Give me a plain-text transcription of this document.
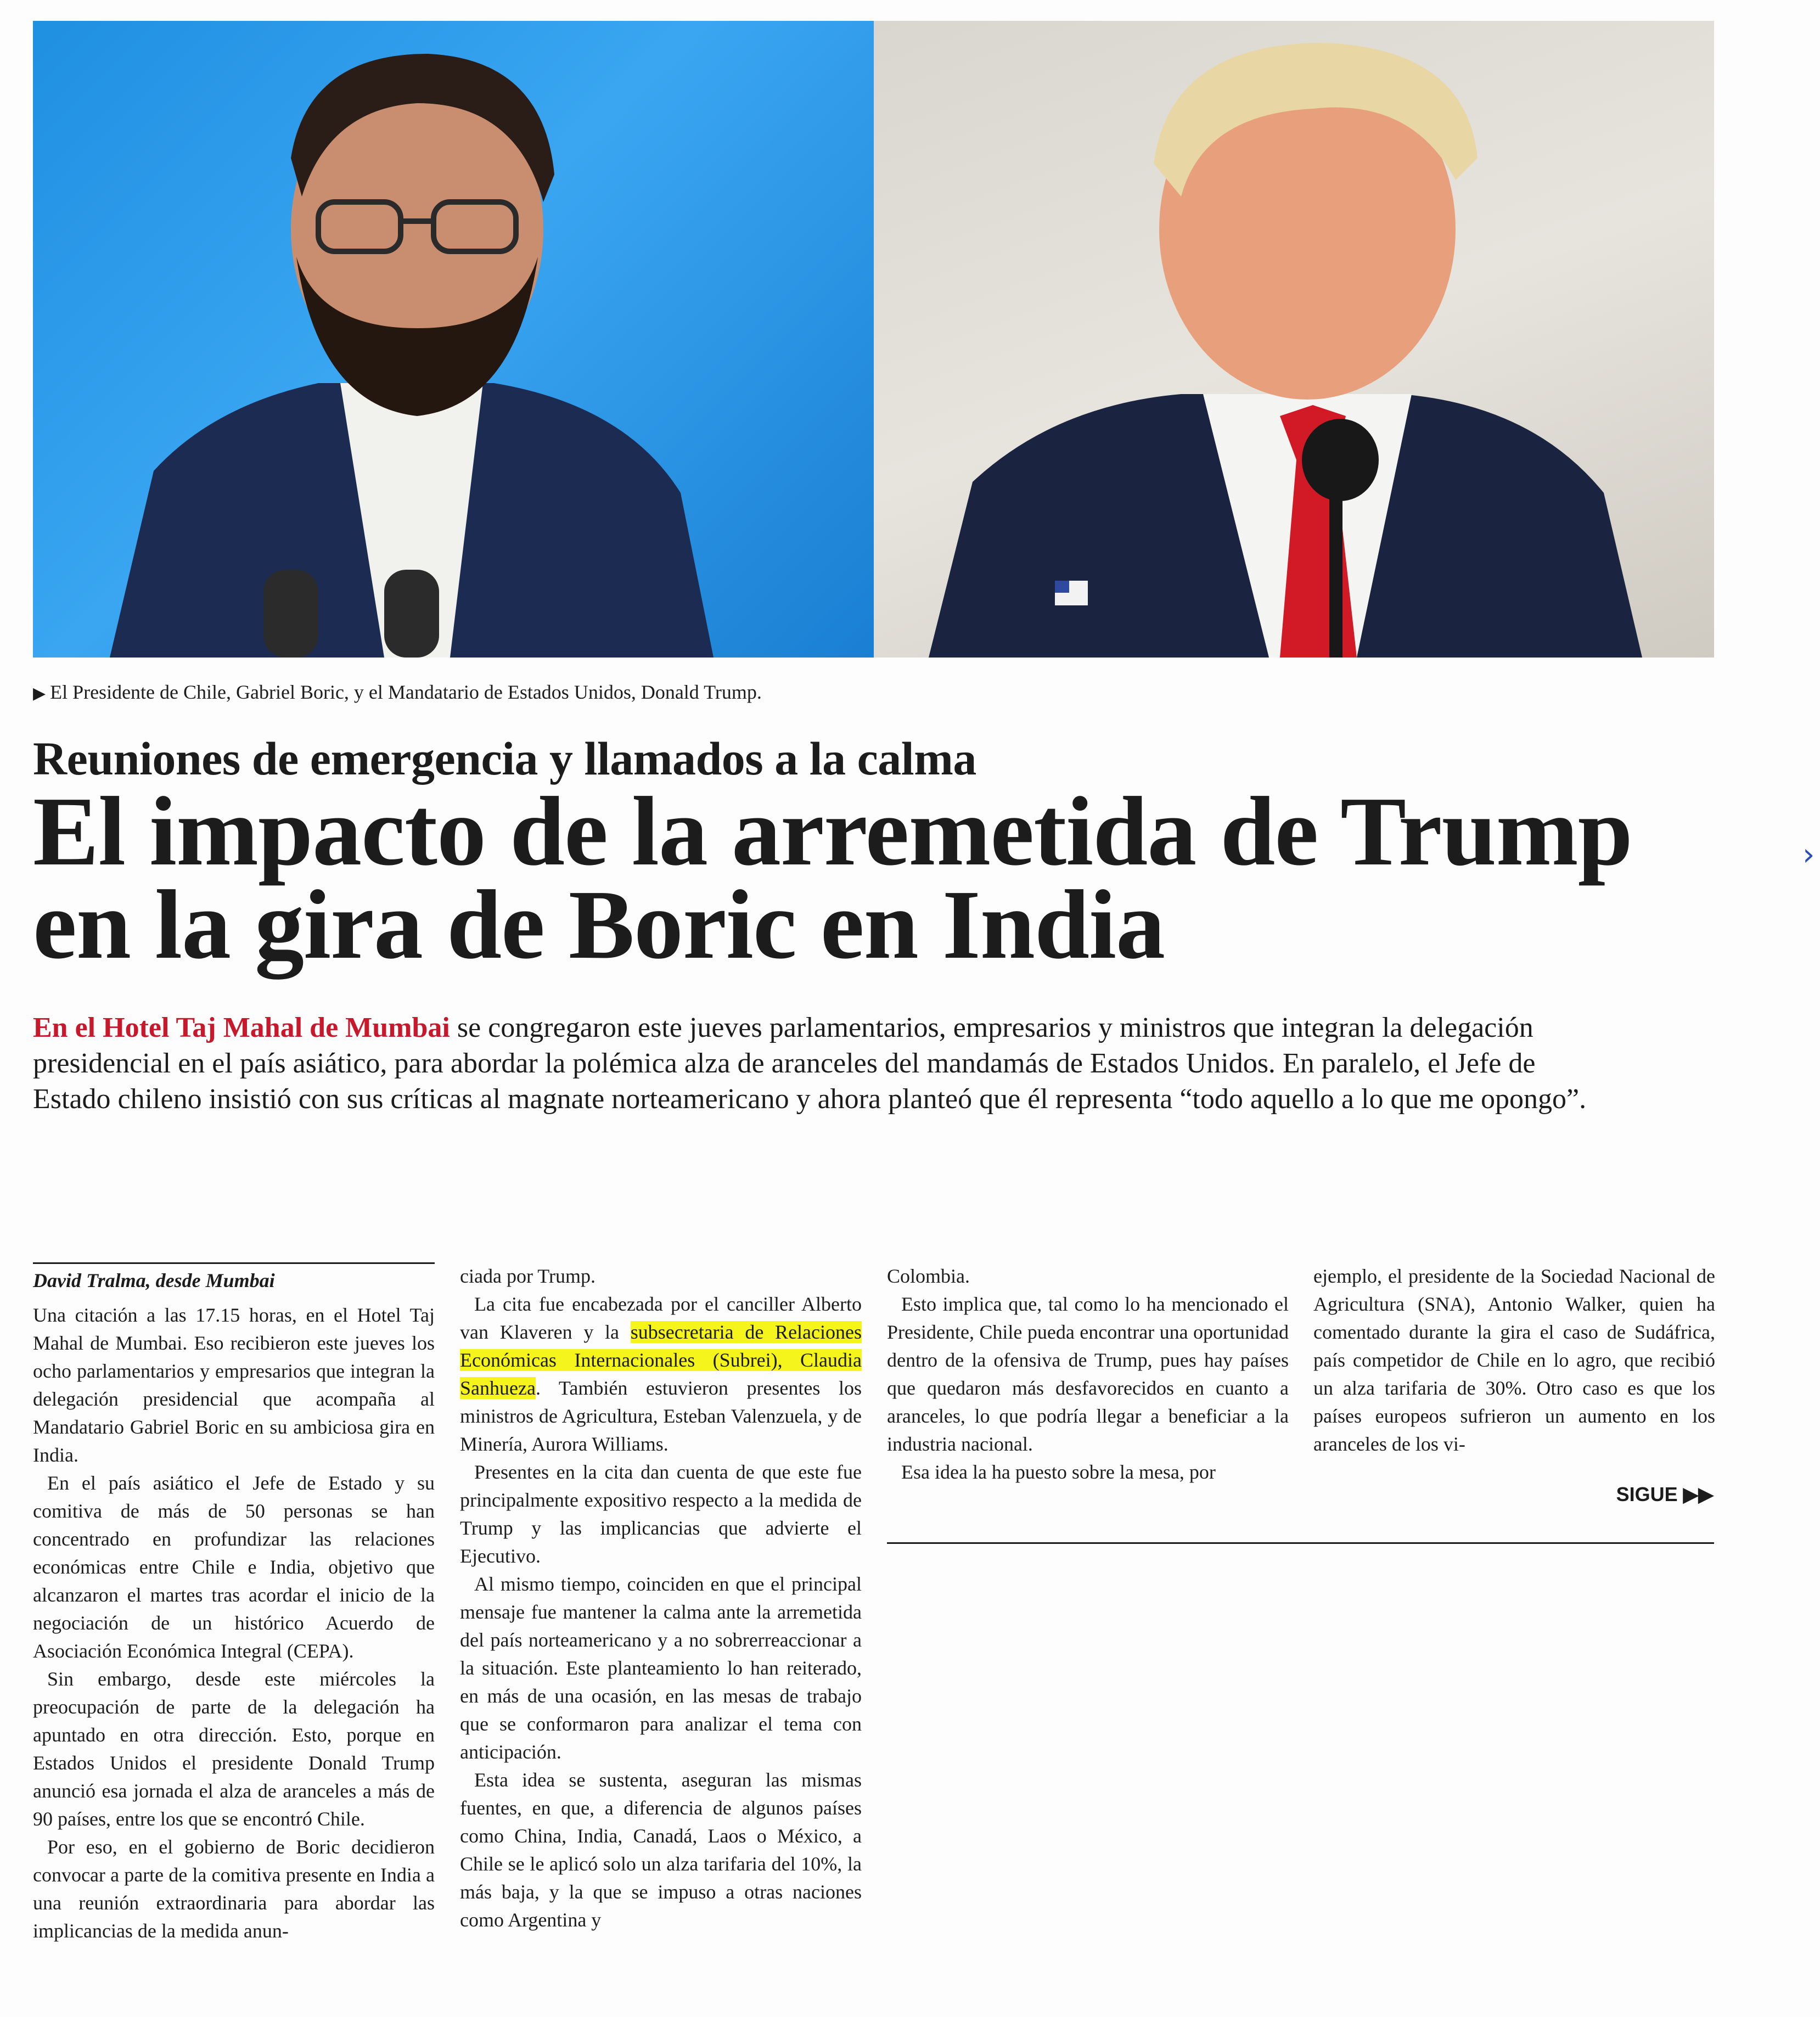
▶ El Presidente de Chile, Gabriel Boric, y el Mandatario de Estados Unidos, Donald Trump.
Reuniones de emergencia y llamados a la calma
El impacto de la arremetida de Trump en la gira de Boric en India
En el Hotel Taj Mahal de Mumbai se congregaron este jueves parlamentarios, empresarios y ministros que integran la delegación presidencial en el país asiático, para abordar la polémica alza de aranceles del mandamás de Estados Unidos. En paralelo, el Jefe de Estado chileno insistió con sus críticas al magnate norteamericano y ahora planteó que él representa “todo aquello a lo que me opongo”.
David Tralma, desde Mumbai

Una citación a las 17.15 horas, en el Hotel Taj Mahal de Mumbai. Eso recibieron este jueves los ocho parlamentarios y empresarios que integran la delegación presidencial que acompaña al Mandatario Gabriel Boric en su ambiciosa gira en India.

En el país asiático el Jefe de Estado y su comitiva de más de 50 personas se han concentrado en profundizar las relaciones económicas entre Chile e India, objetivo que alcanzaron el martes tras acordar el inicio de la negociación de un histórico Acuerdo de Asociación Económica Integral (CEPA).

Sin embargo, desde este miércoles la preocupación de parte de la delegación ha apuntado en otra dirección. Esto, porque en Estados Unidos el presidente Donald Trump anunció esa jornada el alza de aranceles a más de 90 países, entre los que se encontró Chile.

Por eso, en el gobierno de Boric decidieron convocar a parte de la comitiva presente en India a una reunión extraordinaria para abordar las implicancias de la medida anun-

ciada por Trump.

La cita fue encabezada por el canciller Alberto van Klaveren y la subsecretaria de Relaciones Económicas Internacionales (Subrei), Claudia Sanhueza. También estuvieron presentes los ministros de Agricultura, Esteban Valenzuela, y de Minería, Aurora Williams.

Presentes en la cita dan cuenta de que este fue principalmente expositivo respecto a la medida de Trump y las implicancias que advierte el Ejecutivo.

Al mismo tiempo, coinciden en que el principal mensaje fue mantener la calma ante la arremetida del país norteamericano y a no sobrerreaccionar a la situación. Este planteamiento lo han reiterado, en más de una ocasión, en las mesas de trabajo que se conformaron para analizar el tema con anticipación.

Esta idea se sustenta, aseguran las mismas fuentes, en que, a diferencia de algunos países como China, India, Canadá, Laos o México, a Chile se le aplicó solo un alza tarifaria del 10%, la más baja, y la que se impuso a otras naciones como Argentina y

Colombia.

Esto implica que, tal como lo ha mencionado el Presidente, Chile pueda encontrar una oportunidad dentro de la ofensiva de Trump, pues hay países que quedaron más desfavorecidos en cuanto a aranceles, lo que podría llegar a beneficiar a la industria nacional.

Esa idea la ha puesto sobre la mesa, por

ejemplo, el presidente de la Sociedad Nacional de Agricultura (SNA), Antonio Walker, quien ha comentado durante la gira el caso de Sudáfrica, país competidor de Chile en lo agro, que recibió un alza tarifaria de 30%. Otro caso es que los países europeos sufrieron un aumento en los aranceles de los vi-

SIGUE ▶▶
›
